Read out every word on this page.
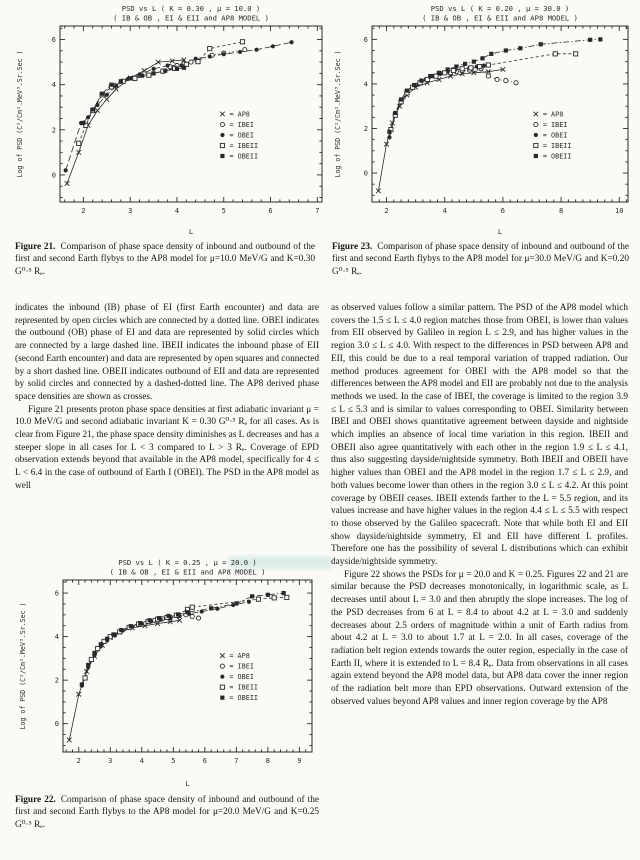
PSD vs L ( K = 0.30 , μ = 10.0 )
( IB & OB , EI & EII and AP8 MODEL )
2	3	4	5	6	7
0
2
4
6
L
Log of PSD (C²/Cm².MeV³.Sr.Sec )	= AP8
= IBEI
= OBEI
= IBEII
= OBEII
PSD vs L ( K = 0.20 , μ = 30.0 )
( IB & OB , EI & EII and AP8 MODEL )
2	4	6	8	10
0
2
4
6
L
Log of PSD (C²/Cm².MeV³.Sr.Sec )	= AP8
= IBEI
= OBEI
= IBEII
= OBEII
Figure 21. Comparison of phase space density of inbound and outbound of the first and second Earth flybys to the AP8 model for μ=10.0 MeV/G and K=0.30 G⁰·⁵ Rₑ.
Figure 23. Comparison of phase space density of inbound and outbound of the first and second Earth flybys to the AP8 model for μ=30.0 MeV/G and K=0.20 G⁰·⁵ Rₑ.

indicates the inbound (IB) phase of EI (first Earth encounter) and data are represented by open circles which are connected by a dotted line. OBEI indicates the outbound (OB) phase of EI and data are represented by solid circles which are connected by a large dashed line. IBEII indicates the inbound phase of EII (second Earth encounter) and data are represented by open squares and connected by a short dashed line. OBEII indicates outbound of EII and data are represented by solid circles and connected by a dashed-dotted line. The AP8 derived phase space densities are shown as crosses.

Figure 21 presents proton phase space densities at first adiabatic invariant μ = 10.0 MeV/G and second adiabatic invariant K = 0.30 G⁰·⁵ Rₑ for all cases. As is clear from Figure 21, the phase space density diminishes as L decreases and has a steeper slope in all cases for L < 3 compared to L > 3 Rₑ. Coverage of EPD observation extends beyond that available in the AP8 model, specifically for 4 ≤ L < 6.4 in the case of outbound of Earth I (OBEI). The PSD in the AP8 model as well

PSD vs L ( K = 0.25 , μ = 20.0 )
( IB & OB , EI & EII and AP8 MODEL )
2	3	4	5	6	7	8	9
0
2
4
6
L
Log of PSD (C²/Cm².MeV³.Sr.Sec )	= AP8
= IBEI
= OBEI
= IBEII
= OBEII
Figure 22. Comparison of phase space density of inbound and outbound of the first and second Earth flybys to the AP8 model for μ=20.0 MeV/G and K=0.25 G⁰·⁵ Rₑ.

as observed values follow a similar pattern. The PSD of the AP8 model which covers the 1.5 ≤ L ≤ 4.0 region matches those from OBEI, is lower than values from EII observed by Galileo in region L ≤ 2.9, and has higher values in the region 3.0 ≤ L ≤ 4.0. With respect to the differences in PSD between AP8 and EII, this could be due to a real temporal variation of trapped radiation. Our method produces agreement for OBEI with the AP8 model so that the differences between the AP8 model and EII are probably not due to the analysis methods we used. In the case of IBEI, the coverage is limited to the region 3.9 ≤ L ≤ 5.3 and is similar to values corresponding to OBEI. Similarity between IBEI and OBEI shows quantitative agreement between dayside and nightside which implies an absence of local time variation in this region. IBEII and OBEII also agree quantitatively with each other in the region 1.9 ≤ L ≤ 4.1, thus also suggesting dayside/nightside symmetry. Both IBEII and OBEII have higher values than OBEI and the AP8 model in the region 1.7 ≤ L ≤ 2.9, and both values become lower than others in the region 3.0 ≤ L ≤ 4.2. At this point coverage by OBEII ceases. IBEII extends farther to the L = 5.5 region, and its values increase and have higher values in the region 4.4 ≤ L ≤ 5.5 with respect to those observed by the Galileo spacecraft. Note that while both EI and EII show dayside/nightside symmetry, EI and EII have different L profiles. Therefore one has the possibility of several L distributions which can exhibit dayside/nightside symmetry.

Figure 22 shows the PSDs for μ = 20.0 and K = 0.25. Figures 22 and 21 are similar because the PSD decreases monotonically, in logarithmic scale, as L decreases until about L = 3.0 and then abruptly the slope increases. The log of the PSD decreases from 6 at L = 8.4 to about 4.2 at L = 3.0 and suddenly decreases about 2.5 orders of magnitude within a unit of Earth radius from about 4.2 at L = 3.0 to about 1.7 at L = 2.0. In all cases, coverage of the radiation belt region extends towards the outer region, especially in the case of Earth II, where it is extended to L = 8.4 Rₑ. Data from observations in all cases again extend beyond the AP8 model data, but AP8 data cover the inner region of the radiation belt more than EPD observations. Outward extension of the observed values beyond AP8 values and inner region coverage by the AP8
